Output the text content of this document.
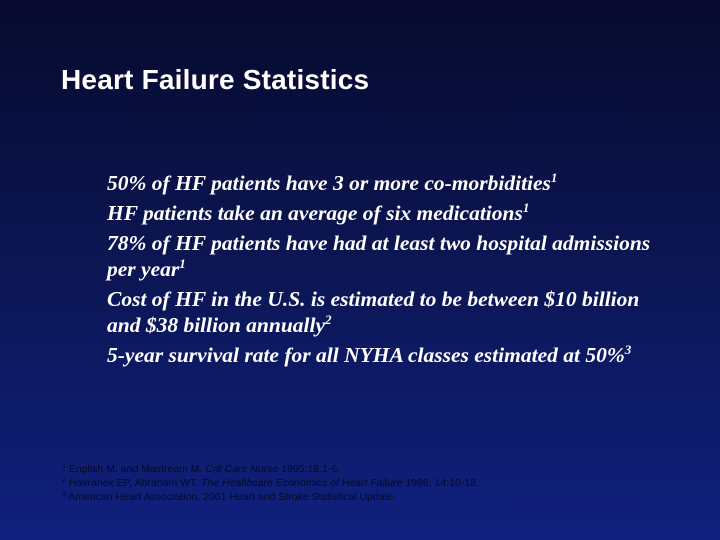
Heart Failure Statistics
50% of HF patients have 3 or more co-morbidities$^1$
HF patients take an average of six medications$^1$
78% of HF patients have had at least two hospital admissions per year$^1$
Cost of HF in the U.S. is estimated to be between $10 billion and $38 billion annually$^2$
5-year survival rate for all NYHA classes estimated at 50%$^3$
$^1$ English M. and Mastream M. Crit Care Nurse 1995;18:1-6.
$^2$ Havranek EP, Abraham WT. The Healthcare Economics of Heart Failure 1998; 14:10-18.
$^3$ American Heart Association, 2001 Heart and Stroke Statistical Update.
